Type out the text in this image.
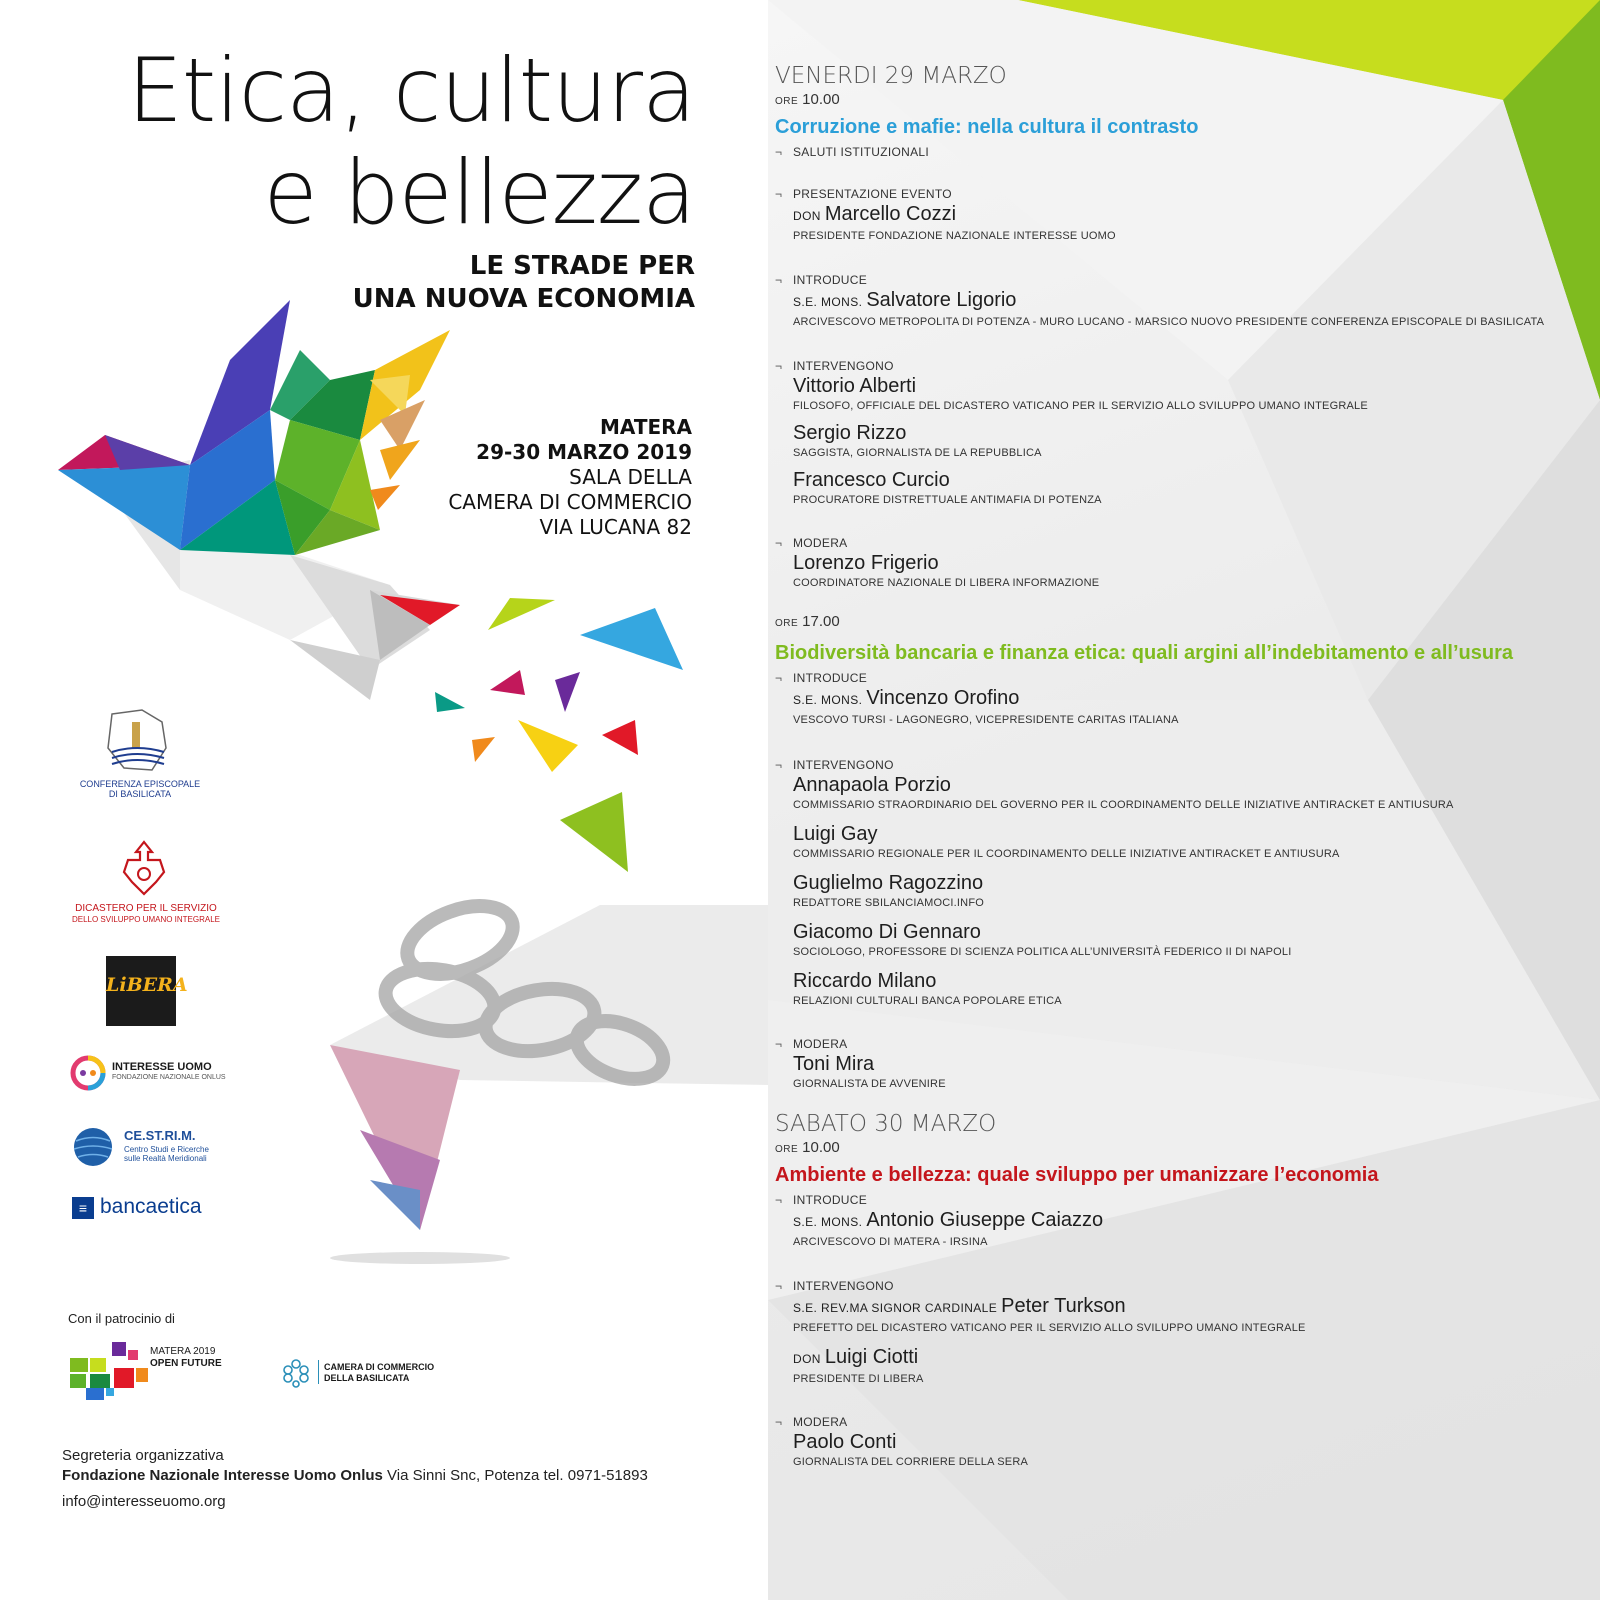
Etica, cultura
e bellezza
LE STRADE PER
UNA NUOVA ECONOMIA
MATERA
29-30 MARZO 2019
SALA DELLA
CAMERA DI COMMERCIO
VIA LUCANA 82
CONFERENZA EPISCOPALE
DI BASILICATA
DICASTERO PER IL SERVIZIO
DELLO SVILUPPO UMANO INTEGRALE
LiBERA
INTERESSE UOMO
FONDAZIONE NAZIONALE ONLUS
CE.ST.RI.M.
Centro Studi e Ricerche
sulle Realtà Meridionali
≡ bancaetica
Con il patrocinio di
MATERA 2019
OPEN FUTURE	CAMERA DI COMMERCIO
DELLA BASILICATA
Segreteria organizzativa
Fondazione Nazionale Interesse Uomo Onlus Via Sinni Snc, Potenza tel. 0971-51893
info@interesseuomo.org
VENERDI 29 MARZO
ORE 10.00
Corruzione e mafie: nella cultura il contrasto
¬ SALUTI ISTITUZIONALI
¬ PRESENTAZIONE EVENTO
DON Marcello Cozzi
PRESIDENTE FONDAZIONE NAZIONALE INTERESSE UOMO
¬ INTRODUCE
S.E. MONS. Salvatore Ligorio
ARCIVESCOVO METROPOLITA DI POTENZA - MURO LUCANO - MARSICO NUOVO PRESIDENTE CONFERENZA EPISCOPALE DI BASILICATA
¬ INTERVENGONO
Vittorio Alberti
FILOSOFO, OFFICIALE DEL DICASTERO VATICANO PER IL SERVIZIO ALLO SVILUPPO UMANO INTEGRALE
Sergio Rizzo
SAGGISTA, GIORNALISTA DE LA REPUBBLICA
Francesco Curcio
PROCURATORE DISTRETTUALE ANTIMAFIA DI POTENZA
¬ MODERA
Lorenzo Frigerio
COORDINATORE NAZIONALE DI LIBERA INFORMAZIONE
ORE 17.00
Biodiversità bancaria e finanza etica: quali argini all’indebitamento e all’usura
¬ INTRODUCE
S.E. MONS. Vincenzo Orofino
VESCOVO TURSI - LAGONEGRO, VICEPRESIDENTE CARITAS ITALIANA
¬ INTERVENGONO
Annapaola Porzio
COMMISSARIO STRAORDINARIO DEL GOVERNO PER IL COORDINAMENTO DELLE INIZIATIVE ANTIRACKET E ANTIUSURA
Luigi Gay
COMMISSARIO REGIONALE PER IL COORDINAMENTO DELLE INIZIATIVE ANTIRACKET E ANTIUSURA
Guglielmo Ragozzino
REDATTORE SBILANCIAMOCI.INFO
Giacomo Di Gennaro
SOCIOLOGO, PROFESSORE DI SCIENZA POLITICA ALL’UNIVERSITÀ FEDERICO II DI NAPOLI
Riccardo Milano
RELAZIONI CULTURALI BANCA POPOLARE ETICA
¬ MODERA
Toni Mira
GIORNALISTA DE AVVENIRE
SABATO 30 MARZO
ORE 10.00
Ambiente e bellezza: quale sviluppo per umanizzare l’economia
¬ INTRODUCE
S.E. MONS. Antonio Giuseppe Caiazzo
ARCIVESCOVO DI MATERA - IRSINA
¬ INTERVENGONO
S.E. REV.MA SIGNOR CARDINALE Peter Turkson
PREFETTO DEL DICASTERO VATICANO PER IL SERVIZIO ALLO SVILUPPO UMANO INTEGRALE
DON Luigi Ciotti
PRESIDENTE DI LIBERA
¬ MODERA
Paolo Conti
GIORNALISTA DEL CORRIERE DELLA SERA
